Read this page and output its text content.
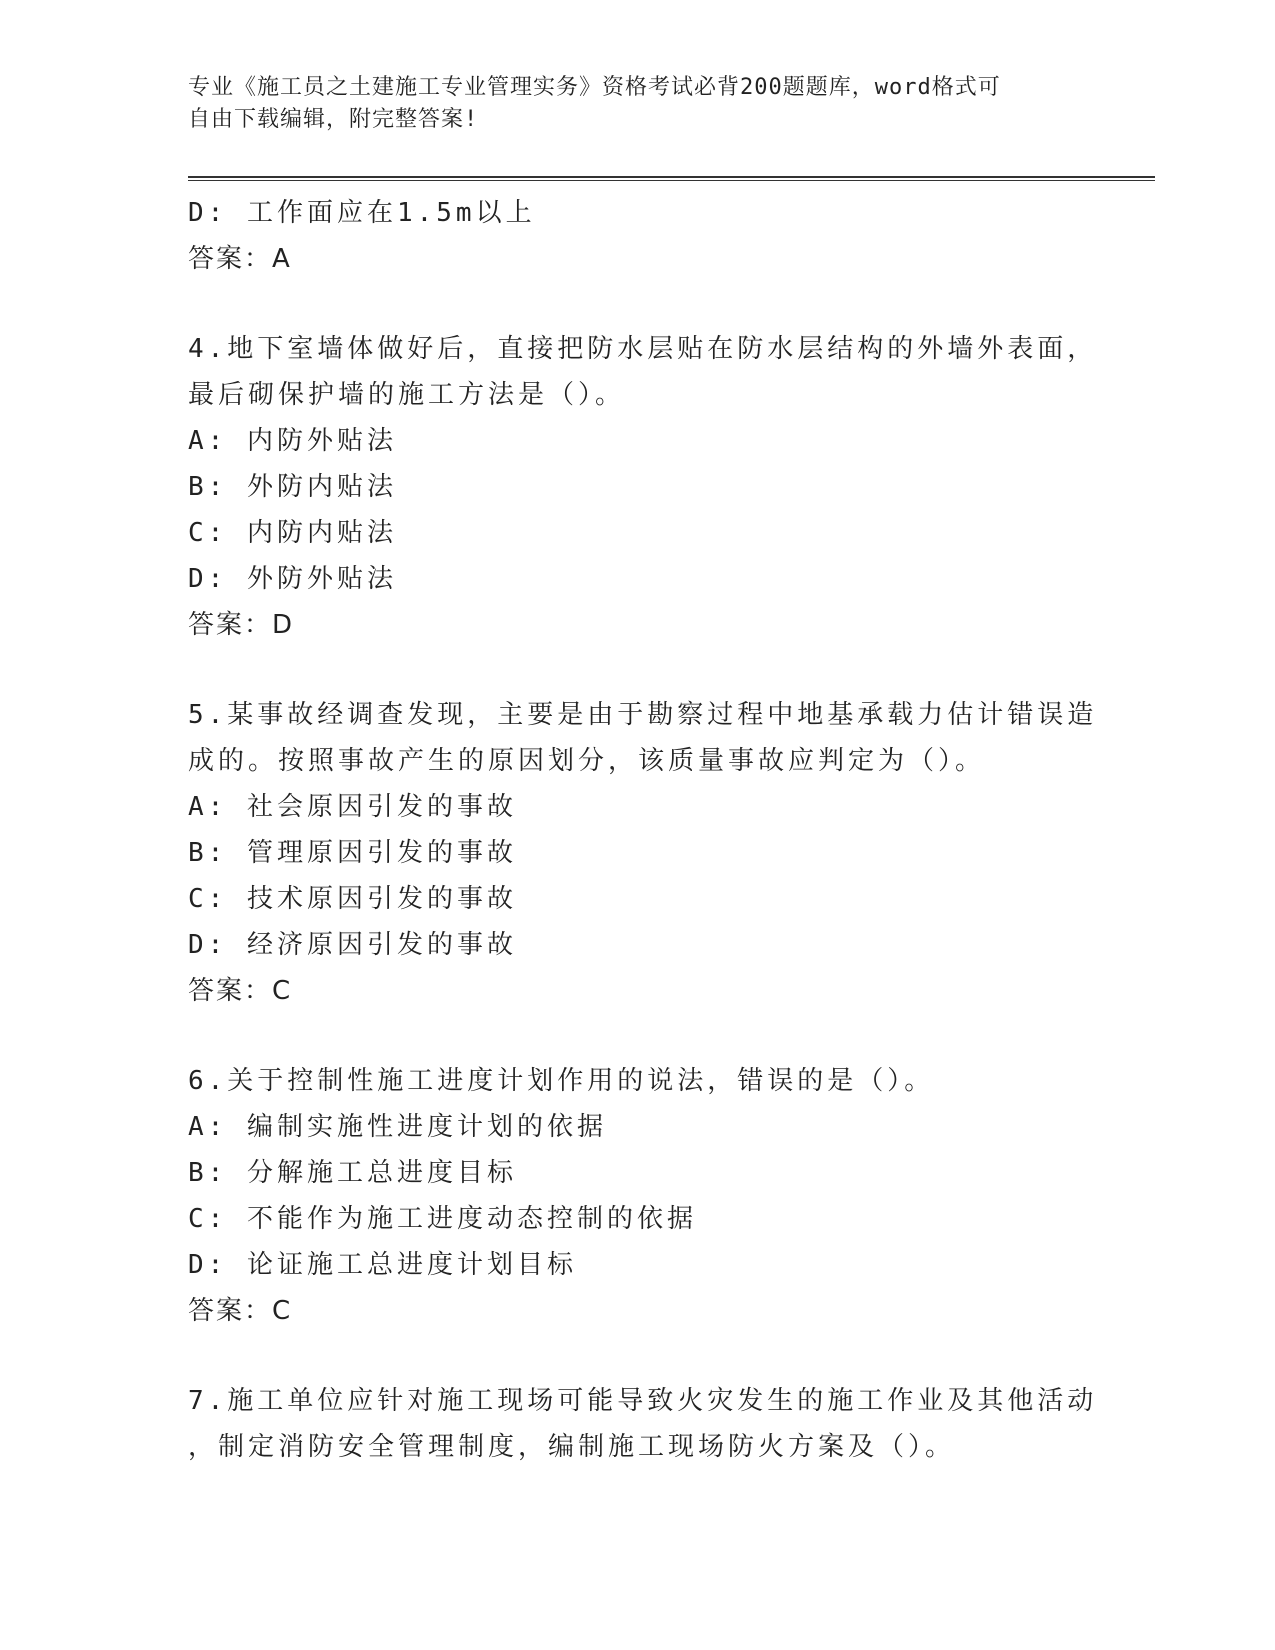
专业《施工员之土建施工专业管理实务》资格考试必背200题题库，word格式可
自由下载编辑，附完整答案!
D: 工作面应在1.5m以上
答案：A
4.地下室墙体做好后，直接把防水层贴在防水层结构的外墙外表面，
最后砌保护墙的施工方法是（）。
A: 内防外贴法
B: 外防内贴法
C: 内防内贴法
D: 外防外贴法
答案：D
5.某事故经调查发现，主要是由于勘察过程中地基承载力估计错误造
成的。按照事故产生的原因划分，该质量事故应判定为（）。
A: 社会原因引发的事故
B: 管理原因引发的事故
C: 技术原因引发的事故
D: 经济原因引发的事故
答案：C
6.关于控制性施工进度计划作用的说法，错误的是（）。
A: 编制实施性进度计划的依据
B: 分解施工总进度目标
C: 不能作为施工进度动态控制的依据
D: 论证施工总进度计划目标
答案：C
7.施工单位应针对施工现场可能导致火灾发生的施工作业及其他活动
，制定消防安全管理制度，编制施工现场防火方案及（）。
